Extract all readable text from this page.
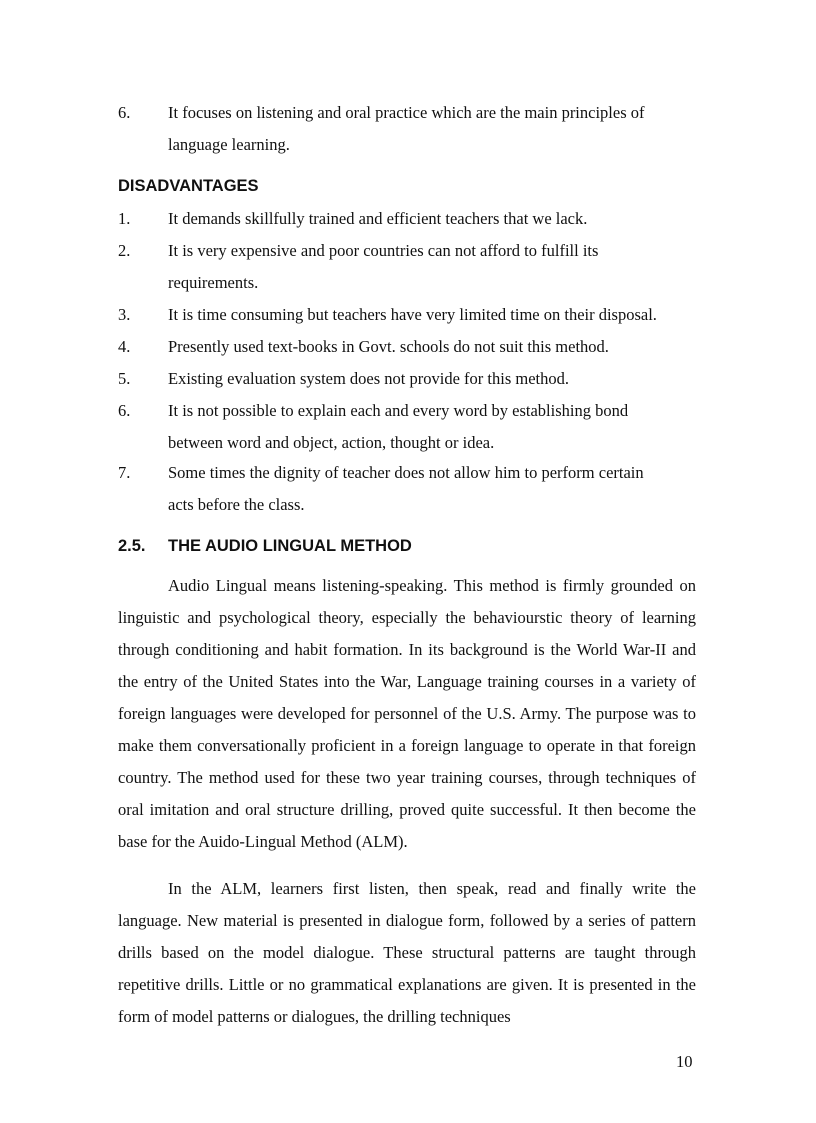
6. It focuses on listening and oral practice which are the main principles of
language learning.
DISADVANTAGES
1. It demands skillfully trained and efficient teachers that we lack.
2. It is very expensive and poor countries can not afford to fulfill its
requirements.
3. It is time consuming but teachers have very limited time on their disposal.
4. Presently used text-books in Govt. schools do not suit this method.
5. Existing evaluation system does not provide for this method.
6. It is not possible to explain each and every word by establishing bond
between word and object, action, thought or idea.
7. Some times the dignity of teacher does not allow him to perform certain
acts before the class.
2.5. THE AUDIO LINGUAL METHOD
Audio Lingual means listening-speaking. This method is firmly grounded on linguistic and psychological theory, especially the behaviourstic theory of learning through conditioning and habit formation. In its background is the World War-II and the entry of the United States into the War, Language training courses in a variety of foreign languages were developed for personnel of the U.S. Army. The purpose was to make them conversationally proficient in a foreign language to operate in that foreign country. The method used for these two year training courses, through techniques of oral imitation and oral structure drilling, proved quite successful. It then become the base for the Auido-Lingual Method (ALM).
In the ALM, learners first listen, then speak, read and finally write the language. New material is presented in dialogue form, followed by a series of pattern drills based on the model dialogue. These structural patterns are taught through repetitive drills. Little or no grammatical explanations are given. It is presented in the form of model patterns or dialogues, the drilling techniques
10
